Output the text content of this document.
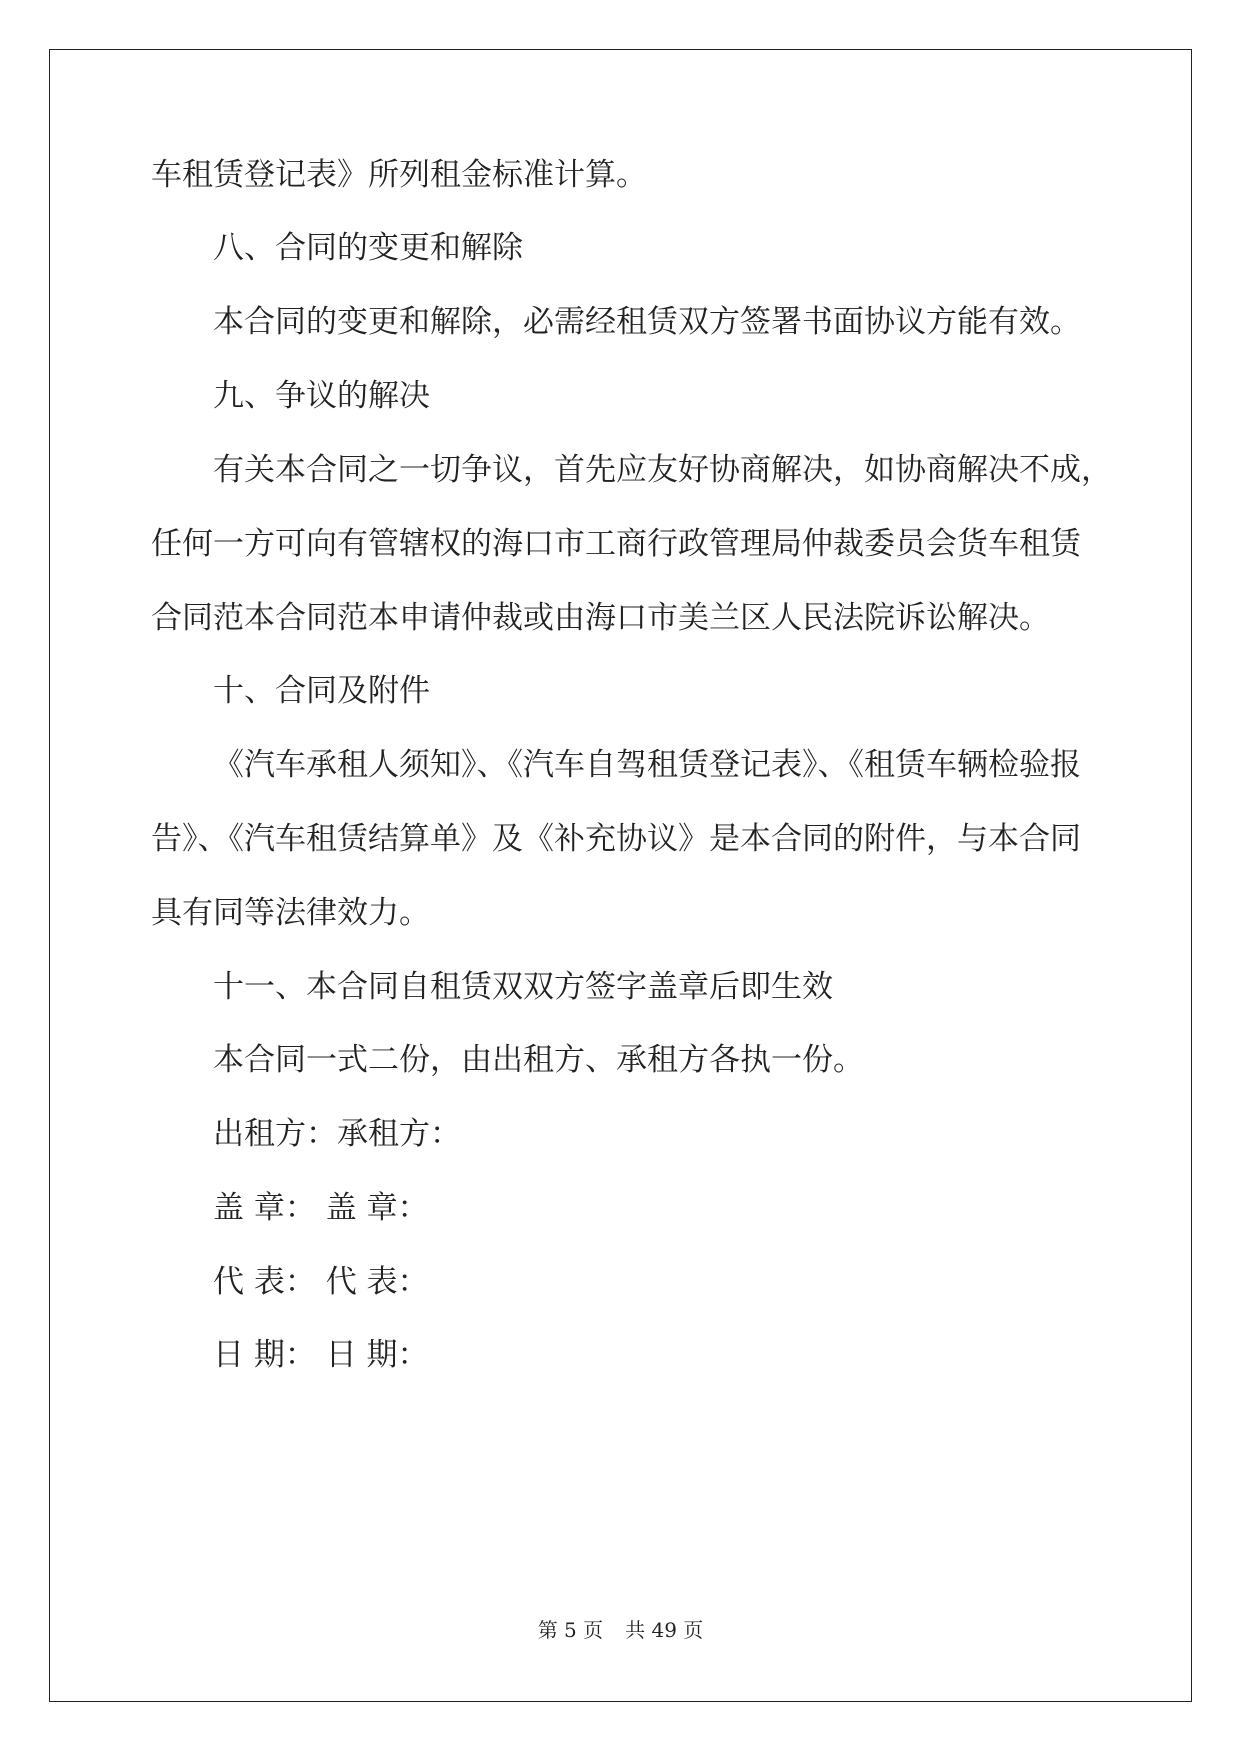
车租赁登记表》所列租金标准计算。
八、合同的变更和解除
本合同的变更和解除，必需经租赁双方签署书面协议方能有效。
九、争议的解决
有关本合同之一切争议，首先应友好协商解决，如协商解决不成，
任何一方可向有管辖权的海口市工商行政管理局仲裁委员会货车租赁
合同范本合同范本申请仲裁或由海口市美兰区人民法院诉讼解决。
十、合同及附件
《汽车承租人须知》、《汽车自驾租赁登记表》、《租赁车辆检验报
告》、《汽车租赁结算单》及《补充协议》是本合同的附件，与本合同
具有同等法律效力。
十一、本合同自租赁双双方签字盖章后即生效
本合同一式二份，由出租方、承租方各执一份。
出租方：承租方：
盖 章： 盖 章：
代 表： 代 表：
日 期： 日 期：
第 5 页 共 49 页
